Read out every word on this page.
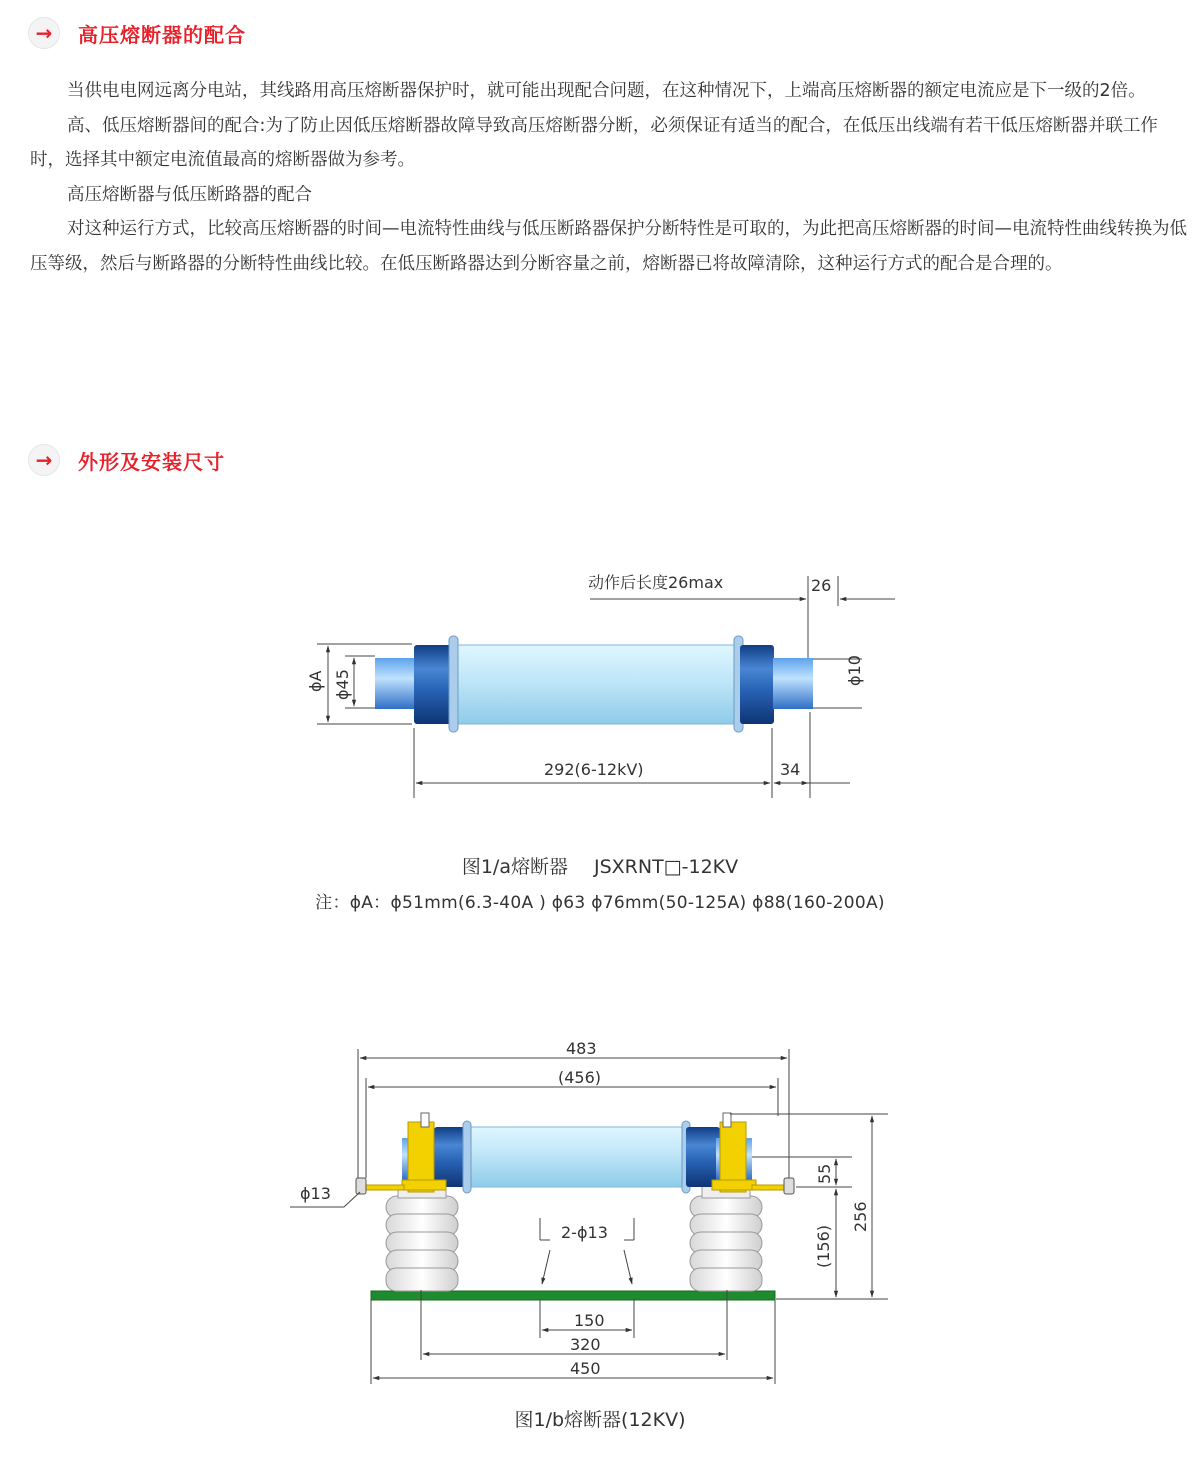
→	高压熔断器的配合

当供电电网远离分电站，其线路用高压熔断器保护时，就可能出现配合问题，在这种情况下，上端高压熔断器的额定电流应是下一级的2倍。

高、低压熔断器间的配合:为了防止因低压熔断器故障导致高压熔断器分断，必须保证有适当的配合，在低压出线端有若干低压熔断器并联工作时，选择其中额定电流值最高的熔断器做为参考。

高压熔断器与低压断路器的配合

对这种运行方式，比较高压熔断器的时间—电流特性曲线与低压断路器保护分断特性是可取的，为此把高压熔断器的时间—电流特性曲线转换为低压等级，然后与断路器的分断特性曲线比较。在低压断路器达到分断容量之前，熔断器已将故障清除，这种运行方式的配合是合理的。

→	外形及安装尺寸
动作后长度26max	26
ϕA ϕ45	ϕ10
292(6-12kV)	34
483
(456)
ϕ13
55
(156)
256
2-ϕ13
150
320
450
图1/a熔断器 JSXRNT□-12KV
注：ϕA：ϕ51mm(6.3-40A ) ϕ63 ϕ76mm(50-125A) ϕ88(160-200A)
图1/b熔断器(12KV)
